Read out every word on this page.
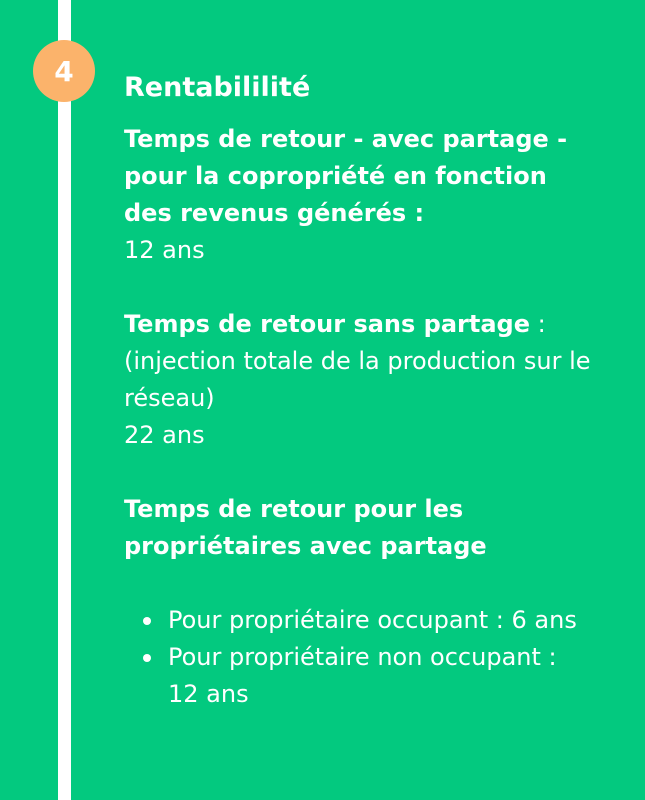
4 Rentabililité
Temps de retour - avec partage - pour la copropriété en fonction des revenus générés :
12 ans
Temps de retour sans partage :
(injection totale de la production sur le réseau)
22 ans
Temps de retour pour les propriétaires avec partage
Pour propriétaire occupant : 6 ans
Pour propriétaire non occupant : 12 ans
